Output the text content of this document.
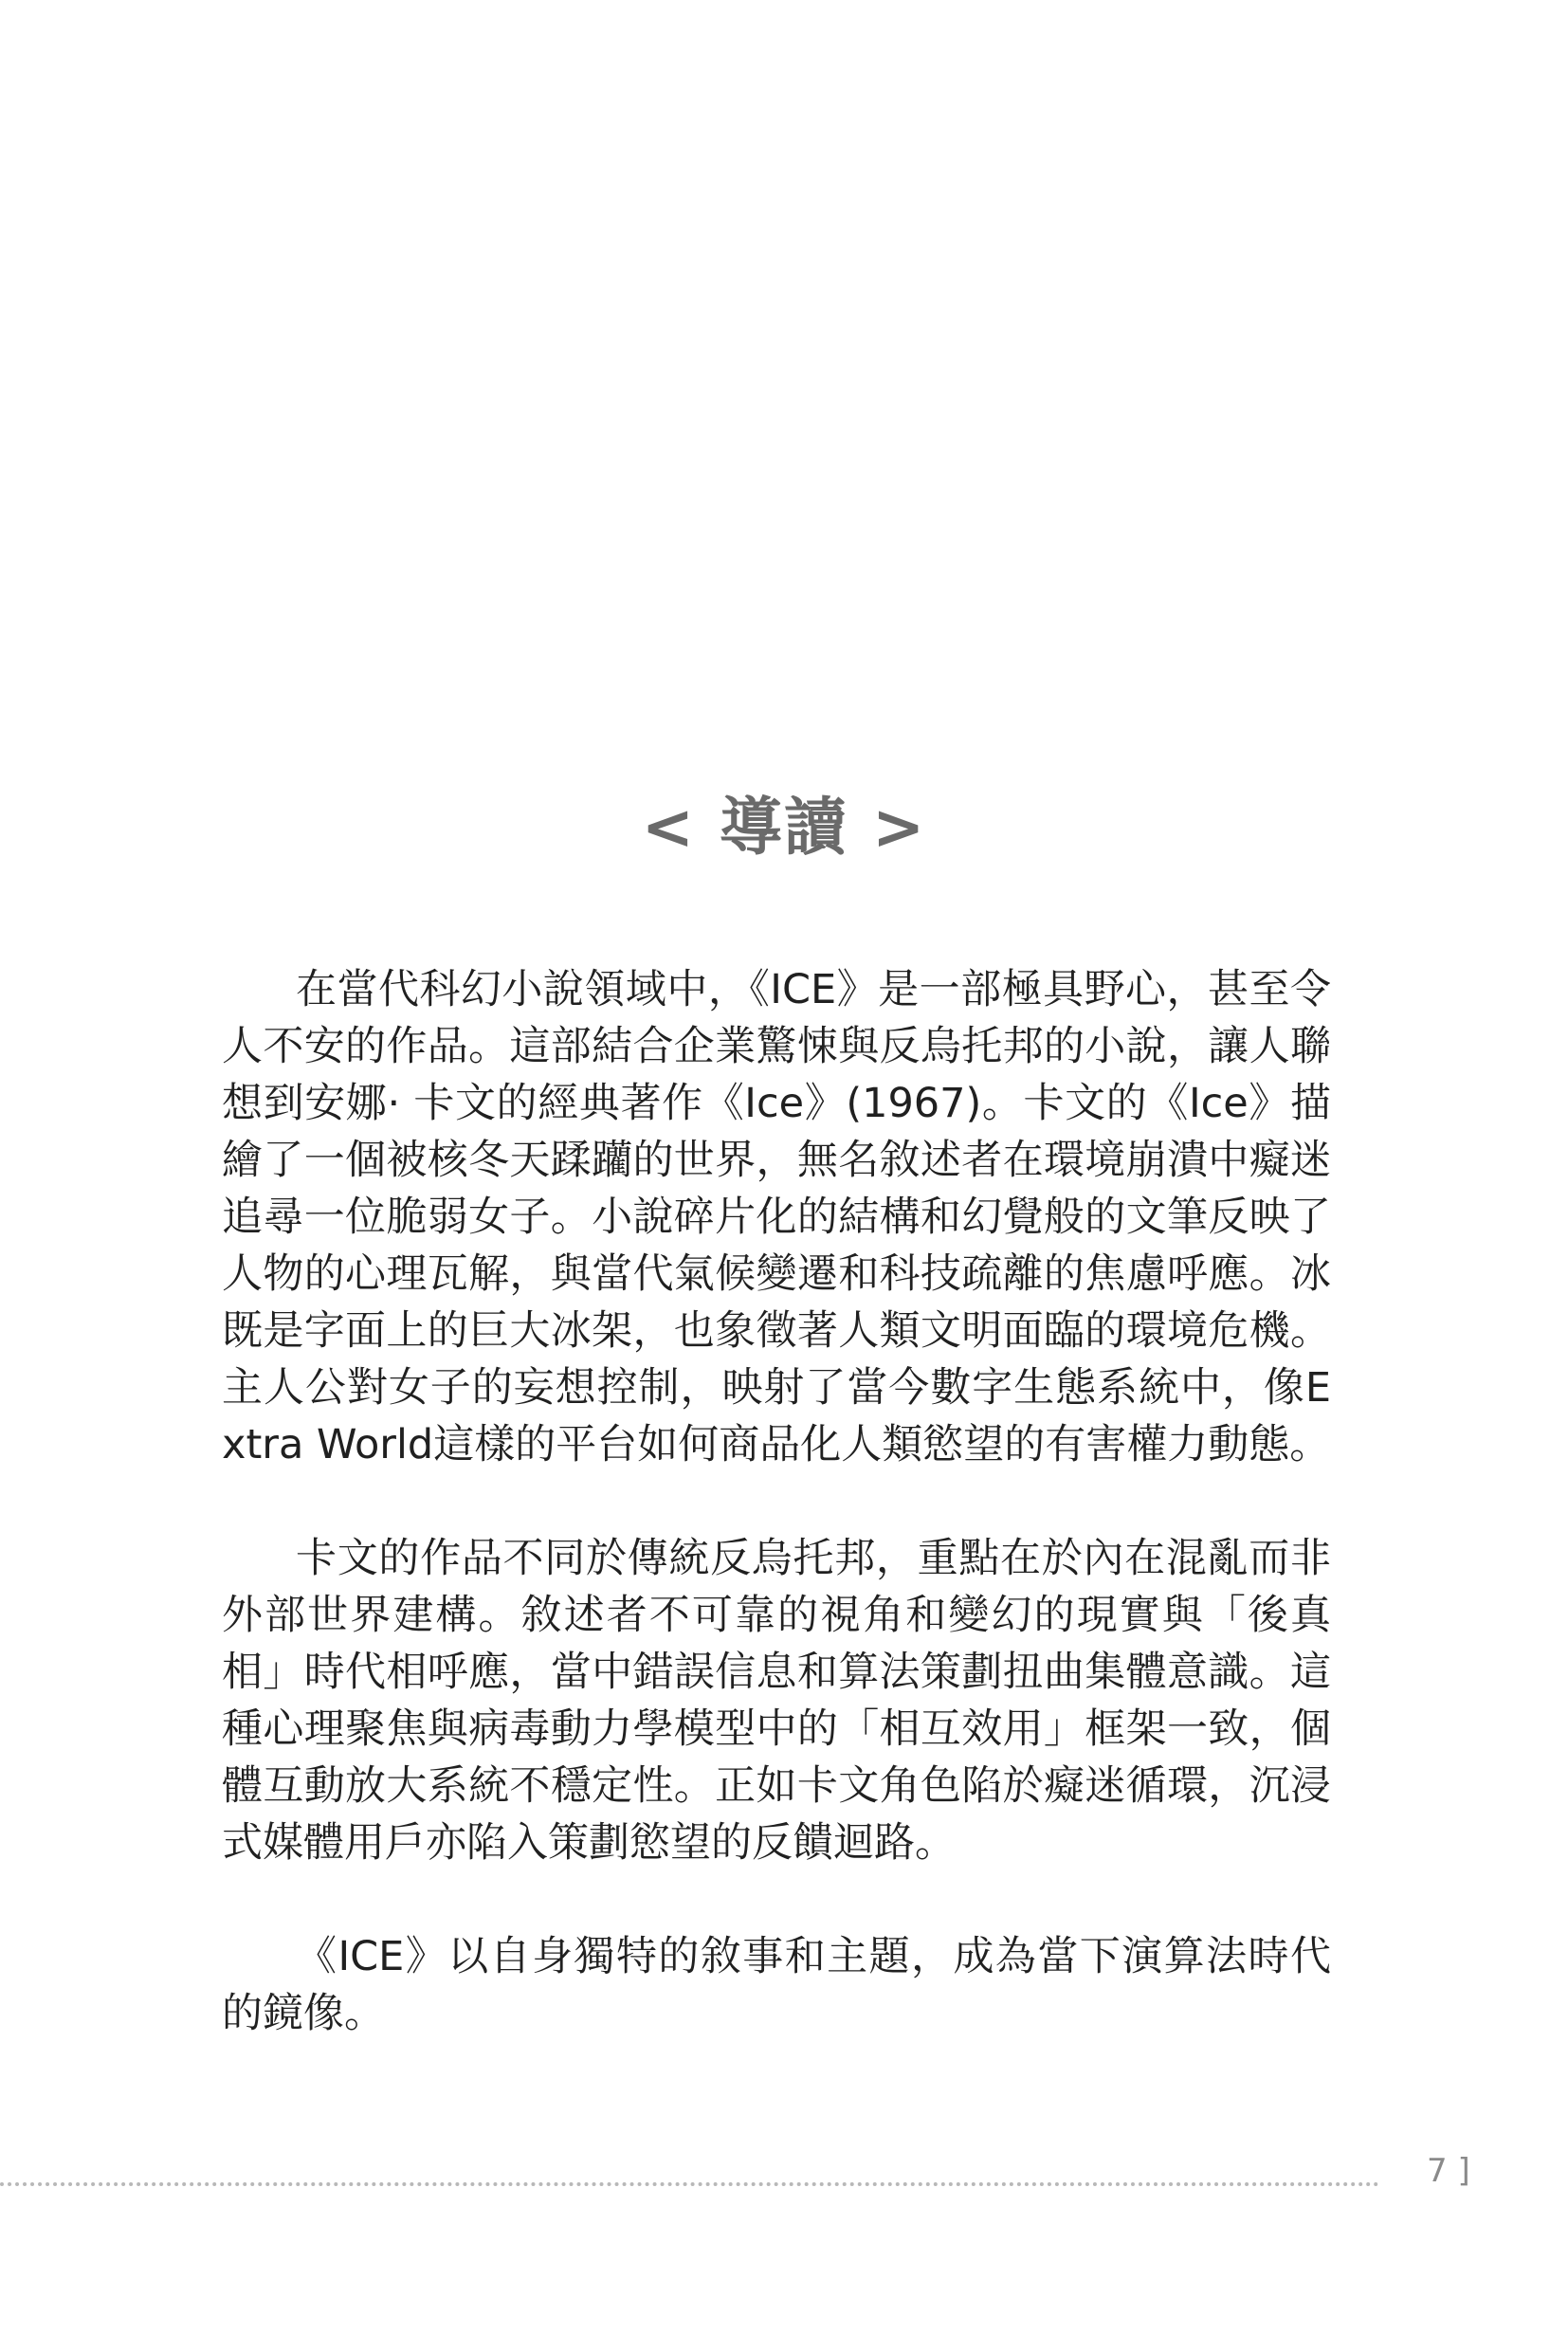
< 導讀 >

在當代科幻小說領域中，《ICE》是一部極具野心，甚至令人不安的作品。這部結合企業驚悚與反烏托邦的小說，讓人聯想到安娜· 卡文的經典著作《Ice》(1967)。卡文的《Ice》描繪了一個被核冬天蹂躪的世界，無名敘述者在環境崩潰中癡迷追尋一位脆弱女子。小說碎片化的結構和幻覺般的文筆反映了人物的心理瓦解，與當代氣候變遷和科技疏離的焦慮呼應。冰既是字面上的巨大冰架，也象徵著人類文明面臨的環境危機。主人公對女子的妄想控制，映射了當今數字生態系統中，像Extra World這樣的平台如何商品化人類慾望的有害權力動態。

卡文的作品不同於傳統反烏托邦，重點在於內在混亂而非外部世界建構。敘述者不可靠的視角和變幻的現實與「後真相」時代相呼應，當中錯誤信息和算法策劃扭曲集體意識。這種心理聚焦與病毒動力學模型中的「相互效用」框架一致，個體互動放大系統不穩定性。正如卡文角色陷於癡迷循環，沉浸式媒體用戶亦陷入策劃慾望的反饋迴路。

《ICE》以自身獨特的敘事和主題，成為當下演算法時代的鏡像。

7 ]
